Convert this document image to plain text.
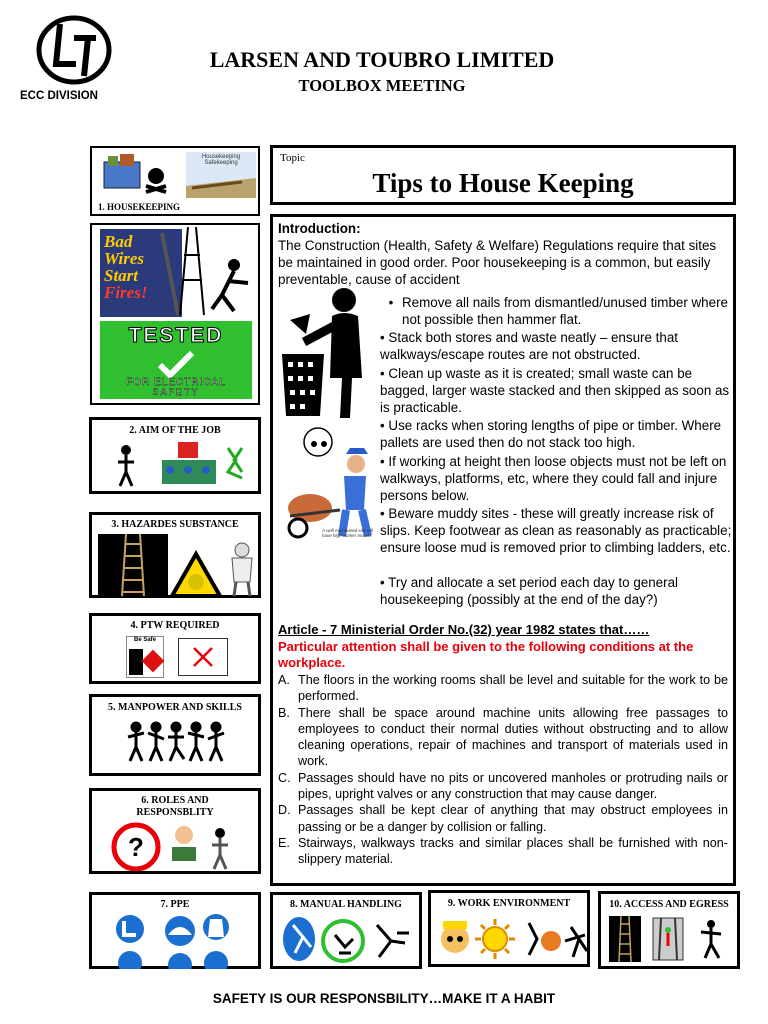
ECC DIVISION
LARSEN AND TOUBRO LIMITED
TOOLBOX MEETING
Housekeeping Safekeeping
1. HOUSEKEEPING
Bad
Wires
Start
Fires!
TESTED
FOR ELECTRICAL
SAFETY
2. AIM OF THE JOB
3. HAZARDES SUBSTANCE
4. PTW REQUIRED
Be Safe
5. MANPOWER AND SKILLS
6. ROLES AND
RESPONSBLITY
?
Topic
Tips to House Keeping

Introduction:

The Construction (Health, Safety & Welfare) Regulations require that sites be maintained in good order. Poor housekeeping is a common, but easily preventable, cause of accident

A well maintained site will have high worker morale.
• Remove all nails from dismantled/unused timber where not possible then hammer flat.
• Stack both stores and waste neatly – ensure that walkways/escape routes are not obstructed.
• Clean up waste as it is created; small waste can be bagged, larger waste stacked and then skipped as soon as is practicable.
• Use racks when storing lengths of pipe or timber. Where pallets are used then do not stack too high.
• If working at height then loose objects must not be left on walkways, platforms, etc, where they could fall and injure persons below.
• Beware muddy sites - these will greatly increase risk of slips. Keep footwear as clean as reasonably as practicable; ensure loose mud is removed prior to climbing ladders, etc.
• Try and allocate a set period each day to general housekeeping (possibly at the end of the day?)
Article - 7 Ministerial Order No.(32) year 1982 states that……
Particular attention shall be given to the following conditions at the workplace.
A. The floors in the working rooms shall be level and suitable for the work to be performed.
B. There shall be space around machine units allowing free passages to employees to conduct their normal duties without obstructing and to allow cleaning operations, repair of machines and transport of materials used in work.
C. Passages should have no pits or uncovered manholes or protruding nails or pipes, upright valves or any construction that may cause danger.
D. Passages shall be kept clear of anything that may obstruct employees in passing or be a danger by collision or falling.
E. Stairways, walkways tracks and similar places shall be furnished with non-slippery material.
7. PPE	8. MANUAL HANDLING	9. WORK ENVIRONMENT	10. ACCESS AND EGRESS
SAFETY IS OUR RESPONSBILITY…MAKE IT A HABIT
